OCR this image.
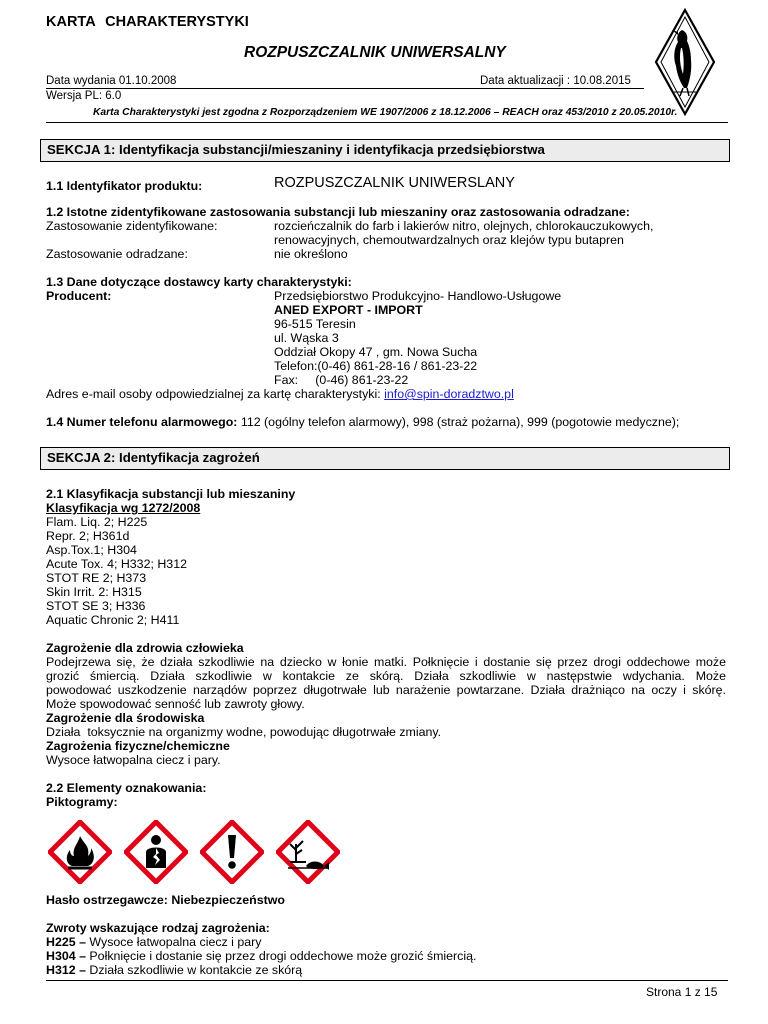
KARTA CHARAKTERYSTYKI
ROZPUSZCZALNIK UNIWERSALNY
Data wydania 01.10.2008	Data aktualizacji : 10.08.2015
Wersja PL: 6.0
Karta Charakterystyki jest zgodna z Rozporządzeniem WE 1907/2006 z 18.12.2006 – REACH oraz 453/2010 z 20.05.2010r.
SEKCJA 1: Identyfikacja substancji/mieszaniny i identyfikacja przedsiębiorstwa
1.1 Identyfikator produktu:	ROZPUSZCZALNIK UNIWERSLANY
1.2 Istotne zidentyfikowane zastosowania substancji lub mieszaniny oraz zastosowania odradzane:
Zastosowanie zidentyfikowane:	rozcieńczalnik do farb i lakierów nitro, olejnych, chlorokauczukowych,
renowacyjnych, chemoutwardzalnych oraz klejów typu butapren
Zastosowanie odradzane:	nie określono
1.3 Dane dotyczące dostawcy karty charakterystyki:
Producent:	Przedsiębiorstwo Produkcyjno- Handlowo-Usługowe
ANED EXPORT - IMPORT
96-515 Teresin
ul. Wąska 3
Oddział Okopy 47 , gm. Nowa Sucha
Telefon:(0-46) 861-28-16 / 861-23-22
Fax:     (0-46) 861-23-22
Adres e-mail osoby odpowiedzialnej za kartę charakterystyki: info@spin-doradztwo.pl
1.4 Numer telefonu alarmowego: 112 (ogólny telefon alarmowy), 998 (straż pożarna), 999 (pogotowie medyczne);
SEKCJA 2: Identyfikacja zagrożeń
2.1 Klasyfikacja substancji lub mieszaniny
Klasyfikacja wg 1272/2008
Flam. Liq. 2; H225
Repr. 2; H361d
Asp.Tox.1; H304
Acute Tox. 4; H332; H312
STOT RE 2; H373
Skin Irrit. 2: H315
STOT SE 3; H336
Aquatic Chronic 2; H411
Zagrożenie dla zdrowia człowieka
Podejrzewa się, że działa szkodliwie na dziecko w łonie matki. Połknięcie i dostanie się przez drogi oddechowe może
grozić śmiercią. Działa szkodliwie w kontakcie ze skórą. Działa szkodliwie w następstwie wdychania. Może
powodować uszkodzenie narządów poprzez długotrwałe lub narażenie powtarzane. Działa drażniąco na oczy i skórę.
Może spowodować senność lub zawroty głowy.
Zagrożenie dla środowiska
Działa  toksycznie na organizmy wodne, powodując długotrwałe zmiany.
Zagrożenia fizyczne/chemiczne
Wysoce łatwopalna ciecz i pary.
2.2 Elementy oznakowania:
Piktogramy:
Hasło ostrzegawcze: Niebezpieczeństwo
Zwroty wskazujące rodzaj zagrożenia:
H225 – Wysoce łatwopalna ciecz i pary
H304 – Połknięcie i dostanie się przez drogi oddechowe może grozić śmiercią.
H312 – Działa szkodliwie w kontakcie ze skórą
Strona 1 z 15
